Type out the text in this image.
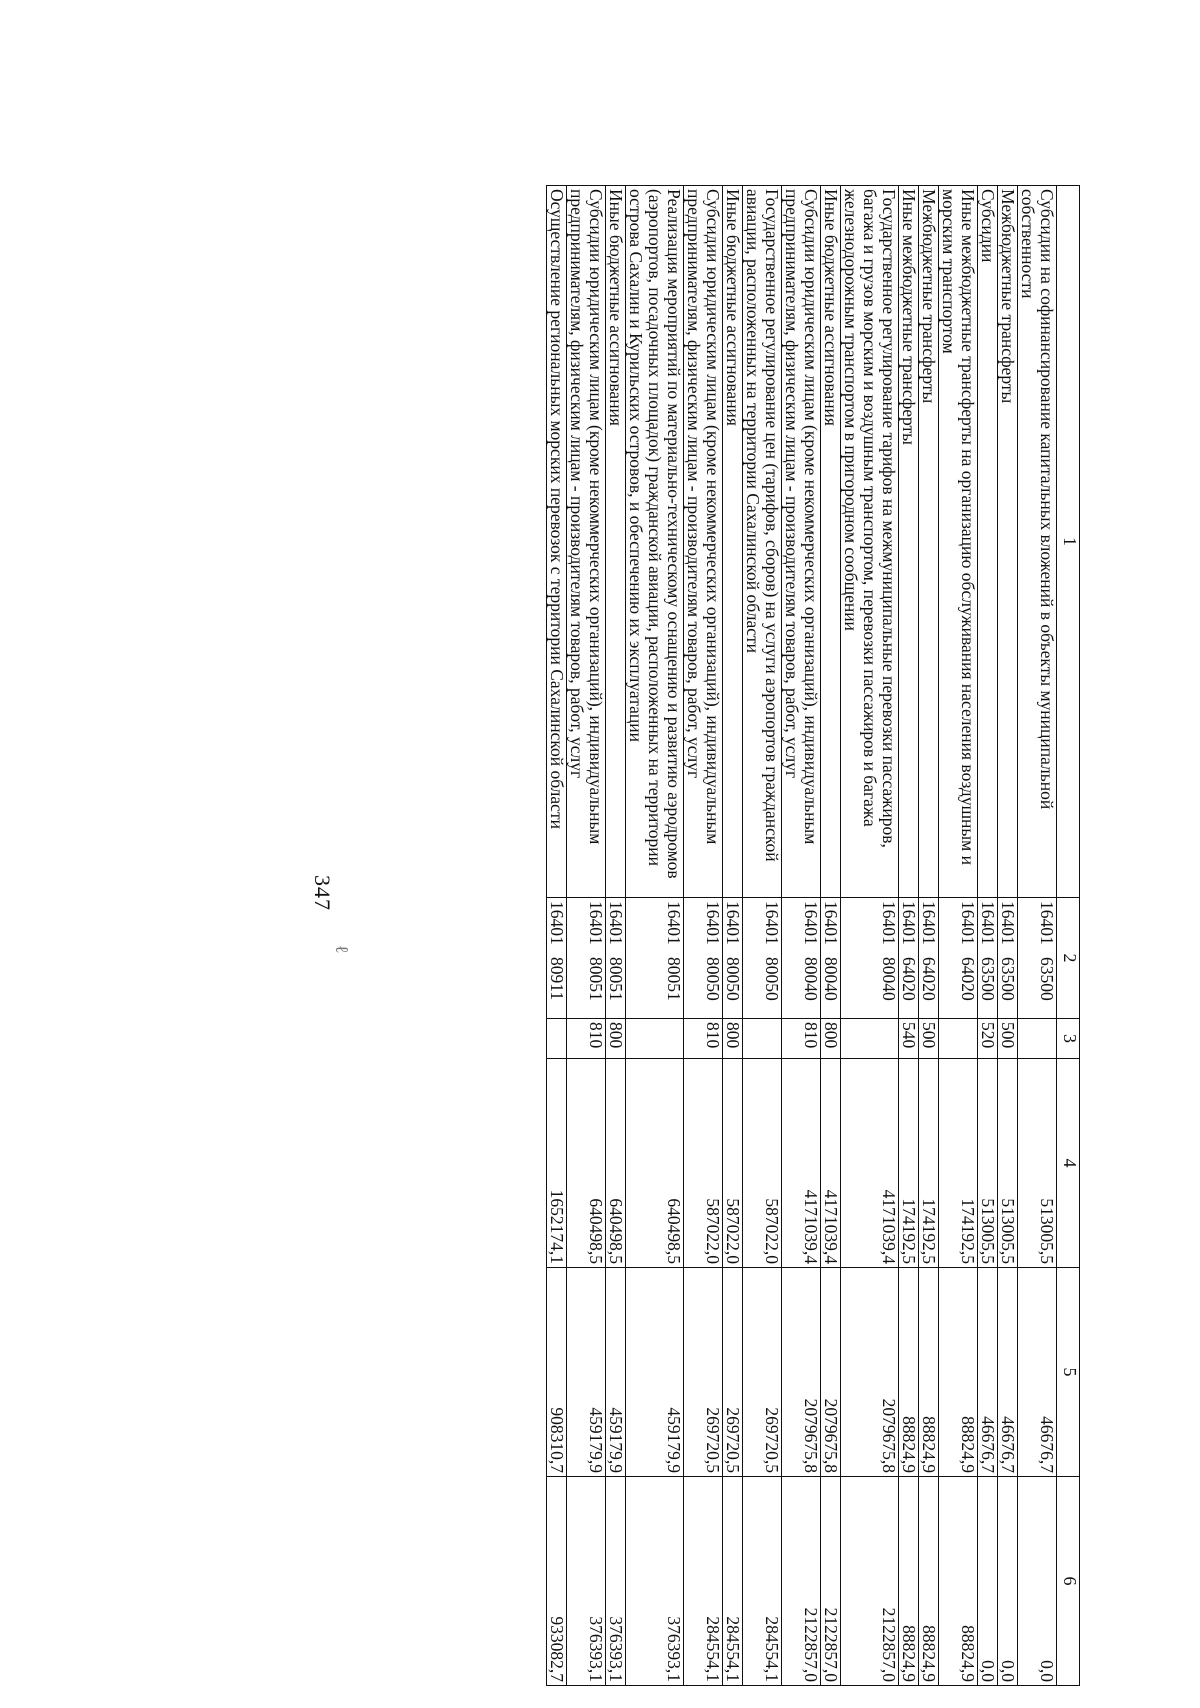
1	2	3	4	5	6
Субсидии на софинансирование капитальных вложений в объекты муниципальной собственности	1640163500		513005,5	46676,7	0,0
Межбюджетные трансферты	1640163500	500	513005,5	46676,7	0,0
Субсидии	1640163500	520	513005,5	46676,7	0,0
Иные межбюджетные трансферты на организацию обслуживания населения воздушным и морским транспортом	1640164020		174192,5	88824,9	88824,9
Межбюджетные трансферты	1640164020	500	174192,5	88824,9	88824,9
Иные межбюджетные трансферты	1640164020	540	174192,5	88824,9	88824,9
Государственное регулирование тарифов на межмуниципальные перевозки пассажиров, багажа и грузов морским и воздушным транспортом, перевозки пассажиров и багажа железнодорожным транспортом в пригородном сообщении	1640180040		4171039,4	2079675,8	2122857,0
Иные бюджетные ассигнования	1640180040	800	4171039,4	2079675,8	2122857,0
Субсидии юридическим лицам (кроме некоммерческих организаций), индивидуальным предпринимателям, физическим лицам - производителям товаров, работ, услуг	1640180040	810	4171039,4	2079675,8	2122857,0
Государственное регулирование цен (тарифов, сборов) на услуги аэропортов гражданской авиации, расположенных на территории Сахалинской области	1640180050		587022,0	269720,5	284554,1
Иные бюджетные ассигнования	1640180050	800	587022,0	269720,5	284554,1
Субсидии юридическим лицам (кроме некоммерческих организаций), индивидуальным предпринимателям, физическим лицам - производителям товаров, работ, услуг	1640180050	810	587022,0	269720,5	284554,1
Реализация мероприятий по материально-техническому оснащению и развитию аэродромов (аэропортов, посадочных площадок) гражданской авиации, расположенных на территории острова Сахалин и Курильских островов, и обеспечению их эксплуатации	1640180051		640498,5	459179,9	376393,1
Иные бюджетные ассигнования	1640180051	800	640498,5	459179,9	376393,1
Субсидии юридическим лицам (кроме некоммерческих организаций), индивидуальным предпринимателям, физическим лицам - производителям товаров, работ, услуг	1640180051	810	640498,5	459179,9	376393,1
Осуществление региональных морских перевозок с территории Сахалинской области	1640180911		1652174,1	908310,7	933082,7
347
ℓ
